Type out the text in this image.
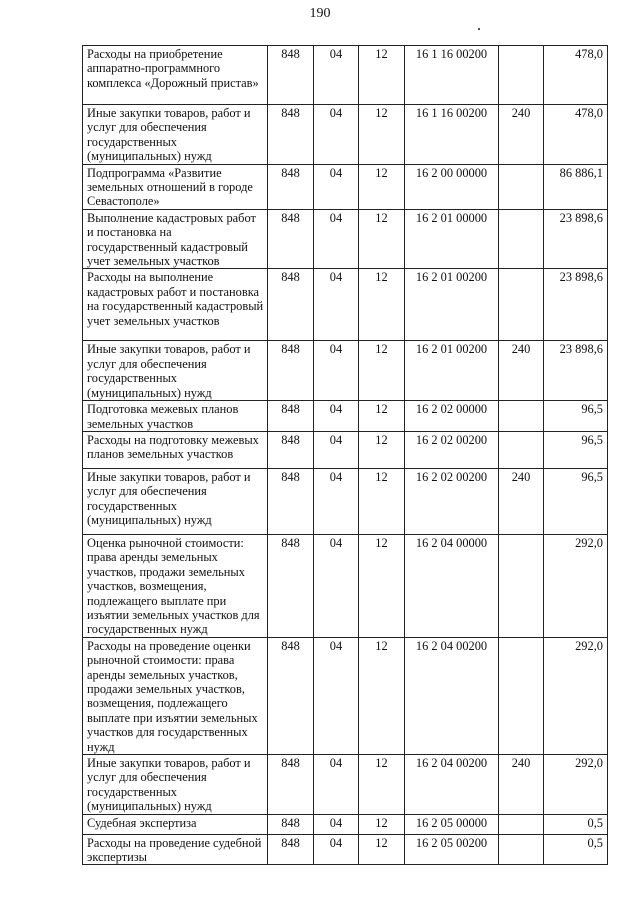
190
Расходы на приобретение аппаратно-программного комплекса «Дорожный пристав»	848	04	12	16 1 16 00200		478,0
Иные закупки товаров, работ и услуг для обеспечения государственных (муниципальных) нужд	848	04	12	16 1 16 00200	240	478,0
Подпрограмма «Развитие земельных отношений в городе Севастополе»	848	04	12	16 2 00 00000		86 886,1
Выполнение кадастровых работ и постановка на государственный кадастровый учет земельных участков	848	04	12	16 2 01 00000		23 898,6
Расходы на выполнение кадастровых работ и постановка на государственный кадастровый учет земельных участков	848	04	12	16 2 01 00200		23 898,6
Иные закупки товаров, работ и услуг для обеспечения государственных (муниципальных) нужд	848	04	12	16 2 01 00200	240	23 898,6
Подготовка межевых планов земельных участков	848	04	12	16 2 02 00000		96,5
Расходы на подготовку межевых планов земельных участков	848	04	12	16 2 02 00200		96,5
Иные закупки товаров, работ и услуг для обеспечения государственных (муниципальных) нужд	848	04	12	16 2 02 00200	240	96,5
Оценка рыночной стоимости: права аренды земельных участков, продажи земельных участков, возмещения, подлежащего выплате при изъятии земельных участков для государственных нужд	848	04	12	16 2 04 00000		292,0
Расходы на проведение оценки рыночной стоимости: права аренды земельных участков, продажи земельных участков, возмещения, подлежащего выплате при изъятии земельных участков для государственных нужд	848	04	12	16 2 04 00200		292,0
Иные закупки товаров, работ и услуг для обеспечения государственных (муниципальных) нужд	848	04	12	16 2 04 00200	240	292,0
Судебная экспертиза	848	04	12	16 2 05 00000		0,5
Расходы на проведение судебной экспертизы	848	04	12	16 2 05 00200		0,5
